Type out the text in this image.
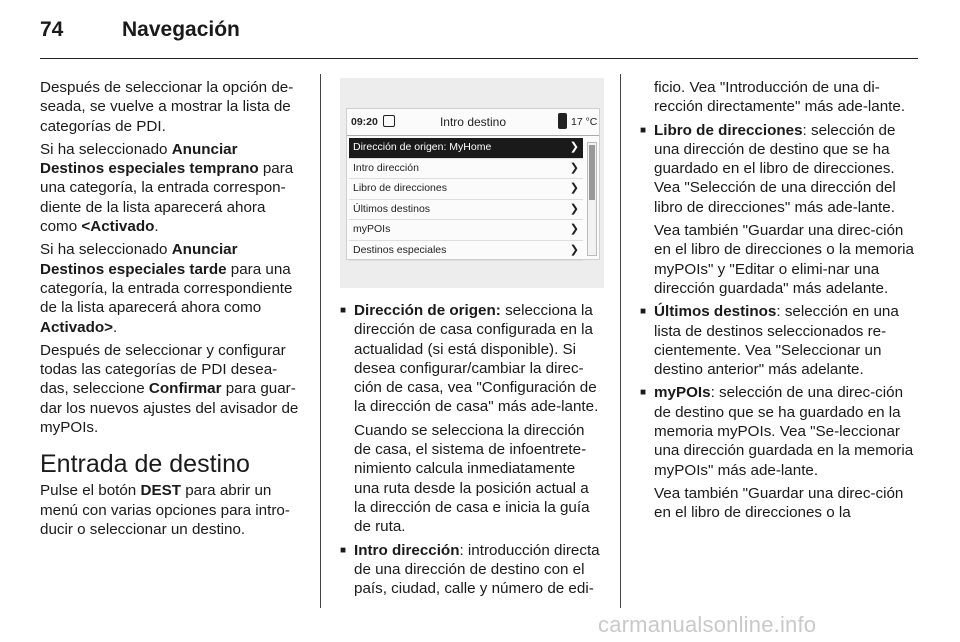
74	Navegación

Después de seleccionar la opción de-seada, se vuelve a mostrar la lista de categorías de PDI.

Si ha seleccionado Anunciar Destinos especiales temprano para una categoría, la entrada correspon-diente de la lista aparecerá ahora como <Activado.

Si ha seleccionado Anunciar Destinos especiales tarde para una categoría, la entrada correspondiente de la lista aparecerá ahora como Activado>.

Después de seleccionar y configurar todas las categorías de PDI desea-das, seleccione Confirmar para guar-dar los nuevos ajustes del avisador de myPOIs.

Entrada de destino

Pulse el botón DEST para abrir un menú con varias opciones para intro-ducir o seleccionar un destino.

09:20	Intro destino	17 °C
Dirección de origen: MyHome	❯
Intro dirección	❯
Libro de direcciones	❯
Últimos destinos	❯
myPOIs	❯
Destinos especiales	❯

■ Dirección de origen: selecciona la dirección de casa configurada en la actualidad (si está disponible). Si desea configurar/cambiar la direc-ción de casa, vea "Configuración de la dirección de casa" más ade-lante.

Cuando se selecciona la dirección de casa, el sistema de infoentrete-nimiento calcula inmediatamente una ruta desde la posición actual a la dirección de casa e inicia la guía de ruta.

■ Intro dirección: introducción directa de una dirección de destino con el país, ciudad, calle y número de edi-

ficio. Vea "Introducción de una di-rección directamente" más ade-lante.

■ Libro de direcciones: selección de una dirección de destino que se ha guardado en el libro de direcciones. Vea "Selección de una dirección del libro de direcciones" más ade-lante.

Vea también "Guardar una direc-ción en el libro de direcciones o la memoria myPOIs" y "Editar o elimi-nar una dirección guardada" más adelante.

■ Últimos destinos: selección en una lista de destinos seleccionados re-cientemente. Vea "Seleccionar un destino anterior" más adelante.

■ myPOIs: selección de una direc-ción de destino que se ha guardado en la memoria myPOIs. Vea "Se-leccionar una dirección guardada en la memoria myPOIs" más ade-lante.

Vea también "Guardar una direc-ción en el libro de direcciones o la

carmanualsonline.info
